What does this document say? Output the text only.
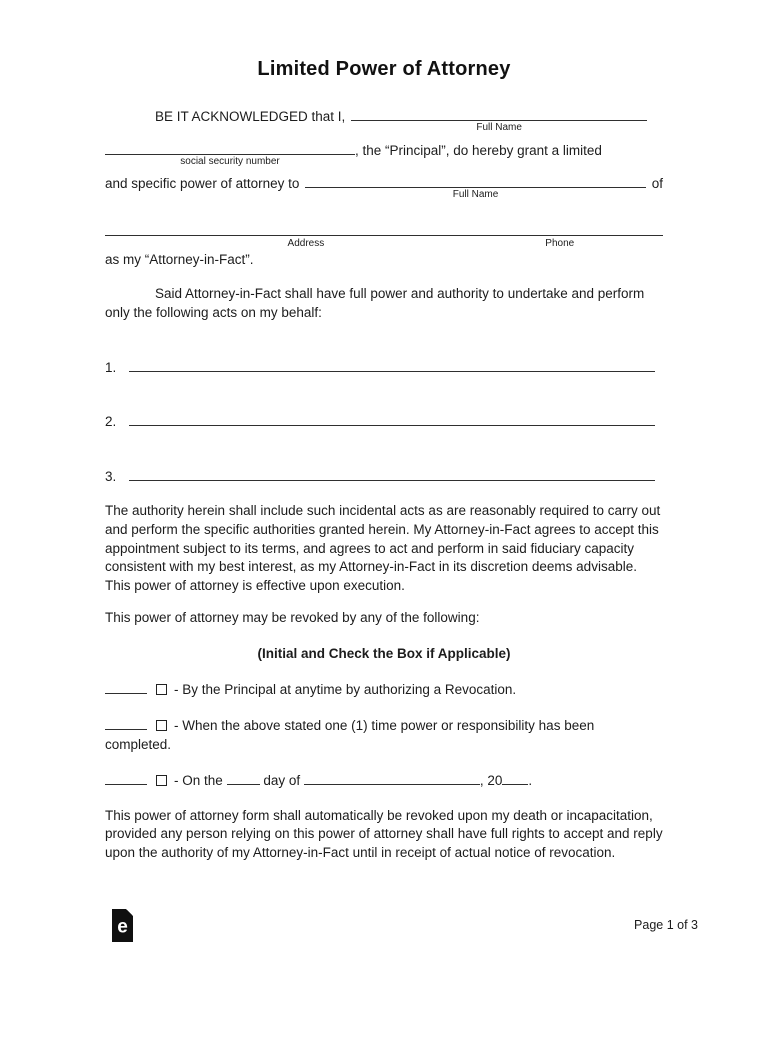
Limited Power of Attorney
BE IT ACKNOWLEDGED that I,
Full Name
social security number
, the “Principal”, do hereby grant a limited
and specific power of attorney to
Full Name
of
Address	Phone

as my “Attorney-in-Fact”.

Said Attorney-in-Fact shall have full power and authority to undertake and perform only the following acts on my behalf:

1.
2.
3.

The authority herein shall include such incidental acts as are reasonably required to carry out and perform the specific authorities granted herein. My Attorney-in-Fact agrees to accept this appointment subject to its terms, and agrees to act and perform in said fiduciary capacity consistent with my best interest, as my Attorney-in-Fact in its discretion deems advisable. This power of attorney is effective upon execution.

This power of attorney may be revoked by any of the following:

(Initial and Check the Box if Applicable)

- By the Principal at anytime by authorizing a Revocation.

- When the above stated one (1) time power or responsibility has been completed.

- On the	day of	, 20 .

This power of attorney form shall automatically be revoked upon my death or incapacitation, provided any person relying on this power of attorney shall have full rights to accept and reply upon the authority of my Attorney-in-Fact until in receipt of actual notice of revocation.

e	Page 1 of 3
